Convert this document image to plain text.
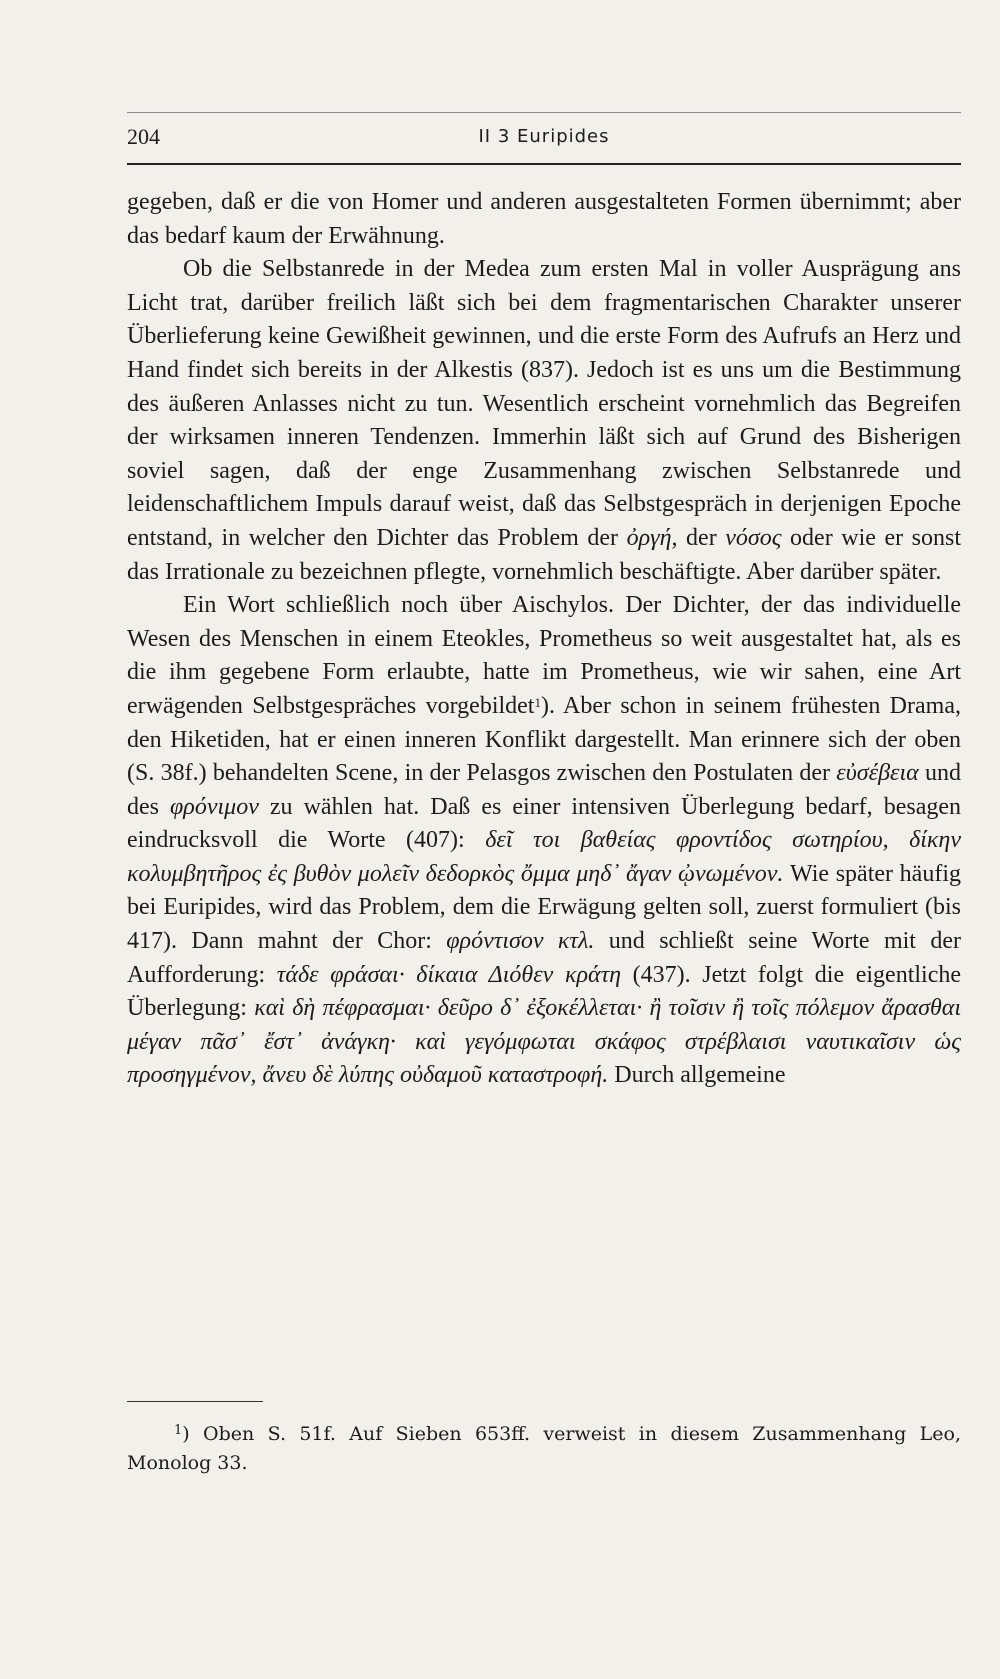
204	II 3 Euripides

gegeben, daß er die von Homer und anderen ausgestalteten Formen übernimmt; aber das bedarf kaum der Erwähnung.

Ob die Selbstanrede in der Medea zum ersten Mal in voller Ausprägung ans Licht trat, darüber freilich läßt sich bei dem fragmentarischen Charakter unserer Überlieferung keine Gewißheit gewinnen, und die erste Form des Aufrufs an Herz und Hand findet sich bereits in der Alkestis (837). Jedoch ist es uns um die Bestimmung des äußeren Anlasses nicht zu tun. Wesentlich erscheint vornehmlich das Begreifen der wirksamen inneren Tendenzen. Immerhin läßt sich auf Grund des Bisherigen soviel sagen, daß der enge Zusammenhang zwischen Selbstanrede und leidenschaftlichem Impuls darauf weist, daß das Selbstgespräch in derjenigen Epoche entstand, in welcher den Dichter das Problem der ὀργή, der νόσος oder wie er sonst das Irrationale zu bezeichnen pflegte, vornehmlich beschäftigte. Aber darüber später.

Ein Wort schließlich noch über Aischylos. Der Dichter, der das individuelle Wesen des Menschen in einem Eteokles, Prometheus so weit ausgestaltet hat, als es die ihm gegebene Form erlaubte, hatte im Prometheus, wie wir sahen, eine Art erwägenden Selbstgespräches vorgebildet$^1$). Aber schon in seinem frühesten Drama, den Hiketiden, hat er einen inneren Konflikt dargestellt. Man erinnere sich der oben (S. 38f.) behandelten Scene, in der Pelasgos zwischen den Postulaten der εὐσέβεια und des φρόνιμον zu wählen hat. Daß es einer intensiven Überlegung bedarf, besagen eindrucksvoll die Worte (407): δεῖ τοι βαθείας φροντίδος σωτηρίου, δίκην κολυμβητῆρος ἐς βυθὸν μολεῖν δεδορκὸς ὄμμα μηδ᾽ ἄγαν ᾠνωμένον. Wie später häufig bei Euripides, wird das Problem, dem die Erwägung gelten soll, zuerst formuliert (bis 417). Dann mahnt der Chor: φρόντισον κτλ. und schließt seine Worte mit der Aufforderung: τάδε φράσαι· δίκαια Διόθεν κράτη (437). Jetzt folgt die eigentliche Überlegung: καὶ δὴ πέφρασμαι· δεῦρο δ᾽ ἐξοκέλλεται· ἢ τοῖσιν ἢ τοῖς πόλεμον ἄρασθαι μέγαν πᾶσ᾽ ἔστ᾽ ἀνάγκη· καὶ γεγόμφωται σκάφος στρέβλαισι ναυτικαῖσιν ὡς προσηγμένον, ἄνευ δὲ λύπης οὐδαμοῦ καταστροφή. Durch allgemeine

$^1$) Oben S. 51f. Auf Sieben 653ff. verweist in diesem Zusammenhang Leo, Monolog 33.
